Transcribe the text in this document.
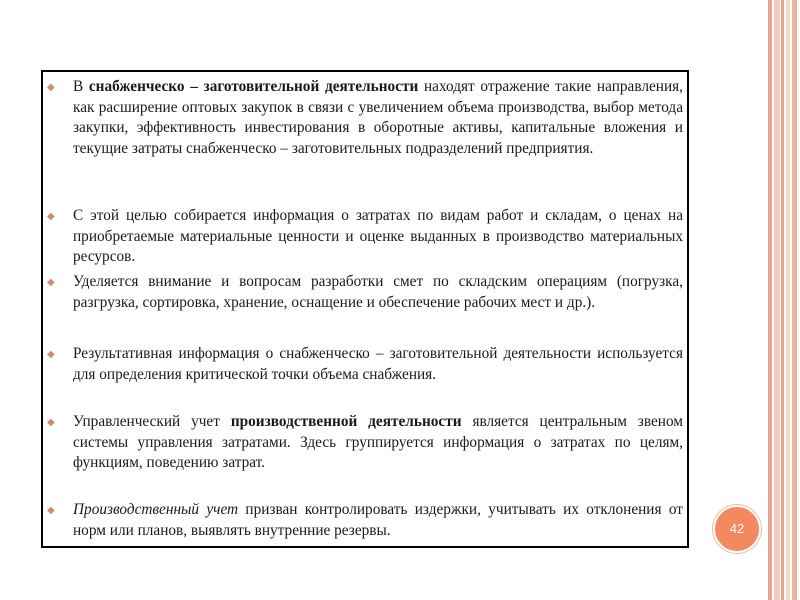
◆ В снабженческо – заготовительной деятельности находят отражение такие направления, как расширение оптовых закупок в связи с увеличением объема производства, выбор метода закупки, эффективность инвестирования в оборотные активы, капитальные вложения и текущие затраты снабженческо – заготовительных подразделений предприятия.
◆ С этой целью собирается информация о затратах по видам работ и складам, о ценах на приобретаемые материальные ценности и оценке выданных в производство материальных ресурсов.
◆ Уделяется внимание и вопросам разработки смет по складским операциям (погрузка, разгрузка, сортировка, хранение, оснащение и обеспечение рабочих мест и др.).
◆ Результативная информация о снабженческо – заготовительной деятельности используется для определения критической точки объема снабжения.
◆ Управленческий учет производственной деятельности является центральным звеном системы управления затратами. Здесь группируется информация о затратах по целям, функциям, поведению затрат.
◆ Производственный учет призван контролировать издержки, учитывать их отклонения от норм или планов, выявлять внутренние резервы.	42
